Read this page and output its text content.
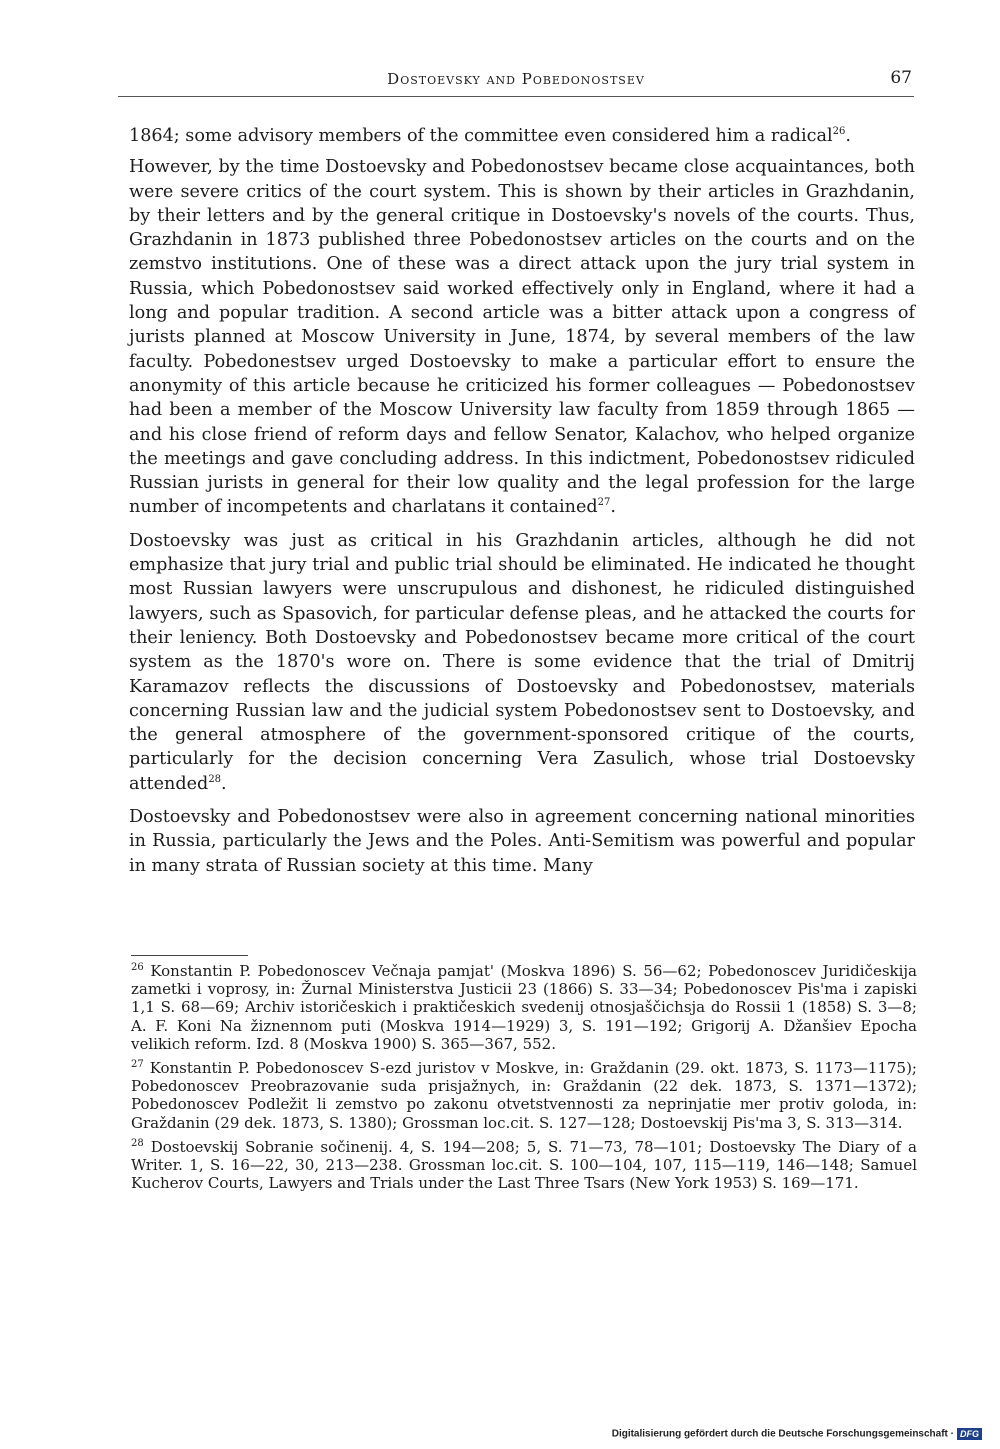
Dostoevsky and Pobedonostsev	67

1864; some advisory members of the committee even considered him a radical$^{26}$.

However, by the time Dostoevsky and Pobedonostsev became close acquaintances, both were severe critics of the court system. This is shown by their articles in Grazhdanin, by their letters and by the general critique in Dostoevsky's novels of the courts. Thus, Grazhdanin in 1873 published three Pobedonostsev articles on the courts and on the zemstvo institutions. One of these was a direct attack upon the jury trial system in Russia, which Pobedonostsev said worked effectively only in England, where it had a long and popular tradition. A second article was a bitter attack upon a congress of jurists planned at Moscow University in June, 1874, by several members of the law faculty. Pobedonestsev urged Dostoevsky to make a particular effort to ensure the anonymity of this article because he criticized his former colleagues — Pobedonostsev had been a member of the Moscow University law faculty from 1859 through 1865 — and his close friend of reform days and fellow Senator, Kalachov, who helped organize the meetings and gave concluding address. In this indictment, Pobedonostsev ridiculed Russian jurists in general for their low quality and the legal profession for the large number of incompetents and charlatans it contained$^{27}$.

Dostoevsky was just as critical in his Grazhdanin articles, although he did not emphasize that jury trial and public trial should be eliminated. He indicated he thought most Russian lawyers were unscrupulous and dishonest, he ridiculed distinguished lawyers, such as Spasovich, for particular defense pleas, and he attacked the courts for their leniency. Both Dostoevsky and Pobedonostsev became more critical of the court system as the 1870's wore on. There is some evidence that the trial of Dmitrij Karamazov reflects the discussions of Dostoevsky and Pobedonostsev, materials concerning Russian law and the judicial system Pobedonostsev sent to Dostoevsky, and the general atmosphere of the government-sponsored critique of the courts, particularly for the decision concerning Vera Zasulich, whose trial Dostoevsky attended$^{28}$.

Dostoevsky and Pobedonostsev were also in agreement concerning national minorities in Russia, particularly the Jews and the Poles. Anti-Semitism was powerful and popular in many strata of Russian society at this time. Many

$^{26}$ Konstantin P. Pobedonoscev Večnaja pamjat' (Moskva 1896) S. 56—62; Pobedonoscev Juridičeskija zametki i voprosy, in: Žurnal Ministerstva Justicii 23 (1866) S. 33—34; Pobedonoscev Pis'ma i zapiski 1,1 S. 68—69; Archiv istoričeskich i praktičeskich svedenij otnosjaščichsja do Rossii 1 (1858) S. 3—8; A. F. Koni Na žiznennom puti (Moskva 1914—1929) 3, S. 191—192; Grigorij A. Džanšiev Epocha velikich reform. Izd. 8 (Moskva 1900) S. 365—367, 552.

$^{27}$ Konstantin P. Pobedonoscev S-ezd juristov v Moskve, in: Graždanin (29. okt. 1873, S. 1173—1175); Pobedonoscev Preobrazovanie suda prisjažnych, in: Graždanin (22 dek. 1873, S. 1371—1372); Pobedonoscev Podležit li zemstvo po zakonu otvetstvennosti za neprinjatie mer protiv goloda, in: Graždanin (29 dek. 1873, S. 1380); Grossman loc.cit. S. 127—128; Dostoevskij Pis'ma 3, S. 313—314.

$^{28}$ Dostoevskij Sobranie sočinenij. 4, S. 194—208; 5, S. 71—73, 78—101; Dostoevsky The Diary of a Writer. 1, S. 16—22, 30, 213—238. Grossman loc.cit. S. 100—104, 107, 115—119, 146—148; Samuel Kucherov Courts, Lawyers and Trials under the Last Three Tsars (New York 1953) S. 169—171.

Digitalisierung gefördert durch die Deutsche Forschungsgemeinschaft · DFG
